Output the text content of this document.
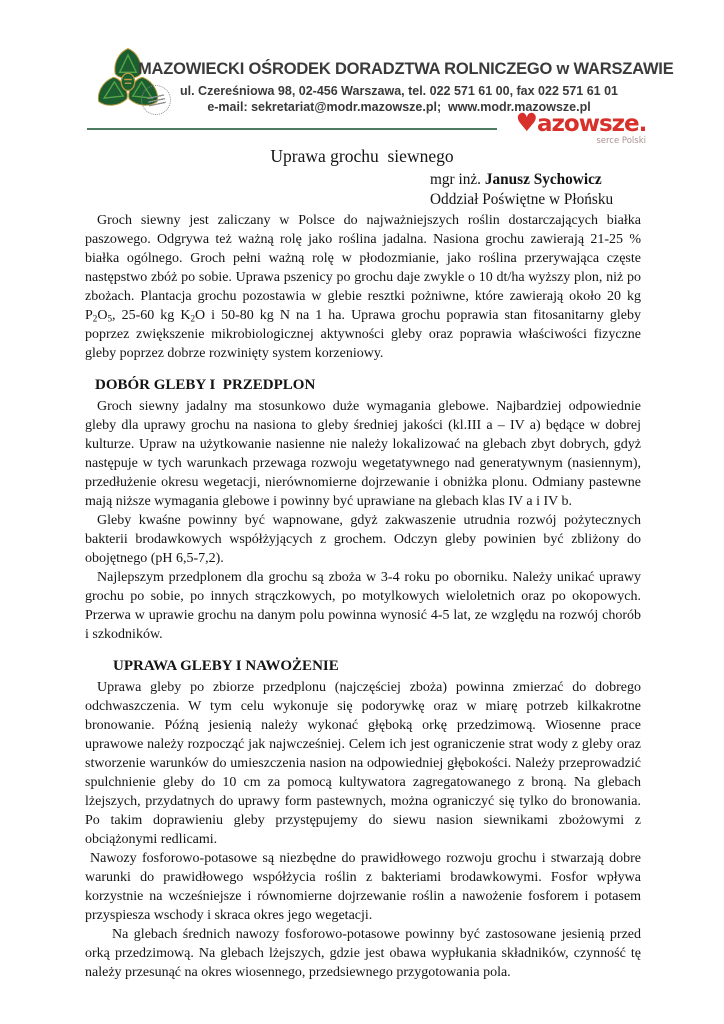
MAZOWIECKI OŚRODEK DORADZTWA ROLNICZEGO w WARSZAWIE
ul. Czereśniowa 98, 02-456 Warszawa, tel. 022 571 61 00, fax 022 571 61 01
e-mail: sekretariat@modr.mazowsze.pl;  www.modr.mazowsze.pl
♥azowsze.
serce Polski
Uprawa grochu  siewnego
mgr inż. Janusz Sychowicz
Oddział Poświętne w Płońsku

Groch siewny jest zaliczany w Polsce do najważniejszych roślin dostarczających białka paszowego. Odgrywa też ważną rolę jako roślina jadalna. Nasiona grochu zawierają 21-25 % białka ogólnego. Groch pełni ważną rolę w płodozmianie, jako roślina przerywająca częste następstwo zbóż po sobie. Uprawa pszenicy po grochu daje zwykle o 10 dt/ha wyższy plon, niż po zbożach. Plantacja grochu pozostawia w glebie resztki pożniwne, które zawierają około 20 kg $P_2O_5$, 25-60 kg $K_2O$ i 50-80 kg N na 1 ha. Uprawa grochu poprawia stan fitosanitarny gleby poprzez zwiększenie mikrobiologicznej aktywności gleby oraz poprawia właściwości fizyczne gleby poprzez dobrze rozwinięty system korzeniowy.

DOBÓR GLEBY I  PRZEDPLON

Groch siewny jadalny ma stosunkowo duże wymagania glebowe. Najbardziej odpowiednie gleby dla uprawy grochu na nasiona to gleby średniej jakości (kl.III a – IV a) będące w dobrej kulturze. Upraw na użytkowanie nasienne nie należy lokalizować na glebach zbyt dobrych, gdyż następuje w tych warunkach przewaga rozwoju wegetatywnego nad generatywnym (nasiennym), przedłużenie okresu wegetacji, nierównomierne dojrzewanie i obniżka plonu. Odmiany pastewne mają niższe wymagania glebowe i powinny być uprawiane na glebach klas IV a i IV b.

Gleby kwaśne powinny być wapnowane, gdyż zakwaszenie utrudnia rozwój pożytecznych bakterii brodawkowych współżyjących z grochem. Odczyn gleby powinien być zbliżony do obojętnego (pH 6,5-7,2).

Najlepszym przedplonem dla grochu są zboża w 3-4 roku po oborniku. Należy unikać uprawy grochu po sobie, po innych strączkowych, po motylkowych wieloletnich oraz po okopowych. Przerwa w uprawie grochu na danym polu powinna wynosić 4-5 lat, ze względu na rozwój chorób i szkodników.

UPRAWA GLEBY I NAWOŻENIE

Uprawa gleby po zbiorze przedplonu (najczęściej zboża) powinna zmierzać do dobrego odchwaszczenia. W tym celu wykonuje się podorywkę oraz w miarę potrzeb kilkakrotne bronowanie. Późną jesienią należy wykonać głęboką orkę przedzimową. Wiosenne prace uprawowe należy rozpocząć jak najwcześniej. Celem ich jest ograniczenie strat wody z gleby oraz stworzenie warunków do umieszczenia nasion na odpowiedniej głębokości. Należy przeprowadzić spulchnienie gleby do 10 cm za pomocą kultywatora zagregatowanego z broną. Na glebach lżejszych, przydatnych do uprawy form pastewnych, można ograniczyć się tylko do bronowania. Po takim doprawieniu gleby przystępujemy do siewu nasion siewnikami zbożowymi z obciążonymi redlicami.

Nawozy fosforowo-potasowe są niezbędne do prawidłowego rozwoju grochu i stwarzają dobre warunki do prawidłowego współżycia roślin z bakteriami brodawkowymi. Fosfor wpływa korzystnie na wcześniejsze i równomierne dojrzewanie roślin a nawożenie fosforem i potasem przyspiesza wschody i skraca okres jego wegetacji.

Na glebach średnich nawozy fosforowo-potasowe powinny być zastosowane jesienią przed orką przedzimową. Na glebach lżejszych, gdzie jest obawa wypłukania składników, czynność tę należy przesunąć na okres wiosennego, przedsiewnego przygotowania pola.
